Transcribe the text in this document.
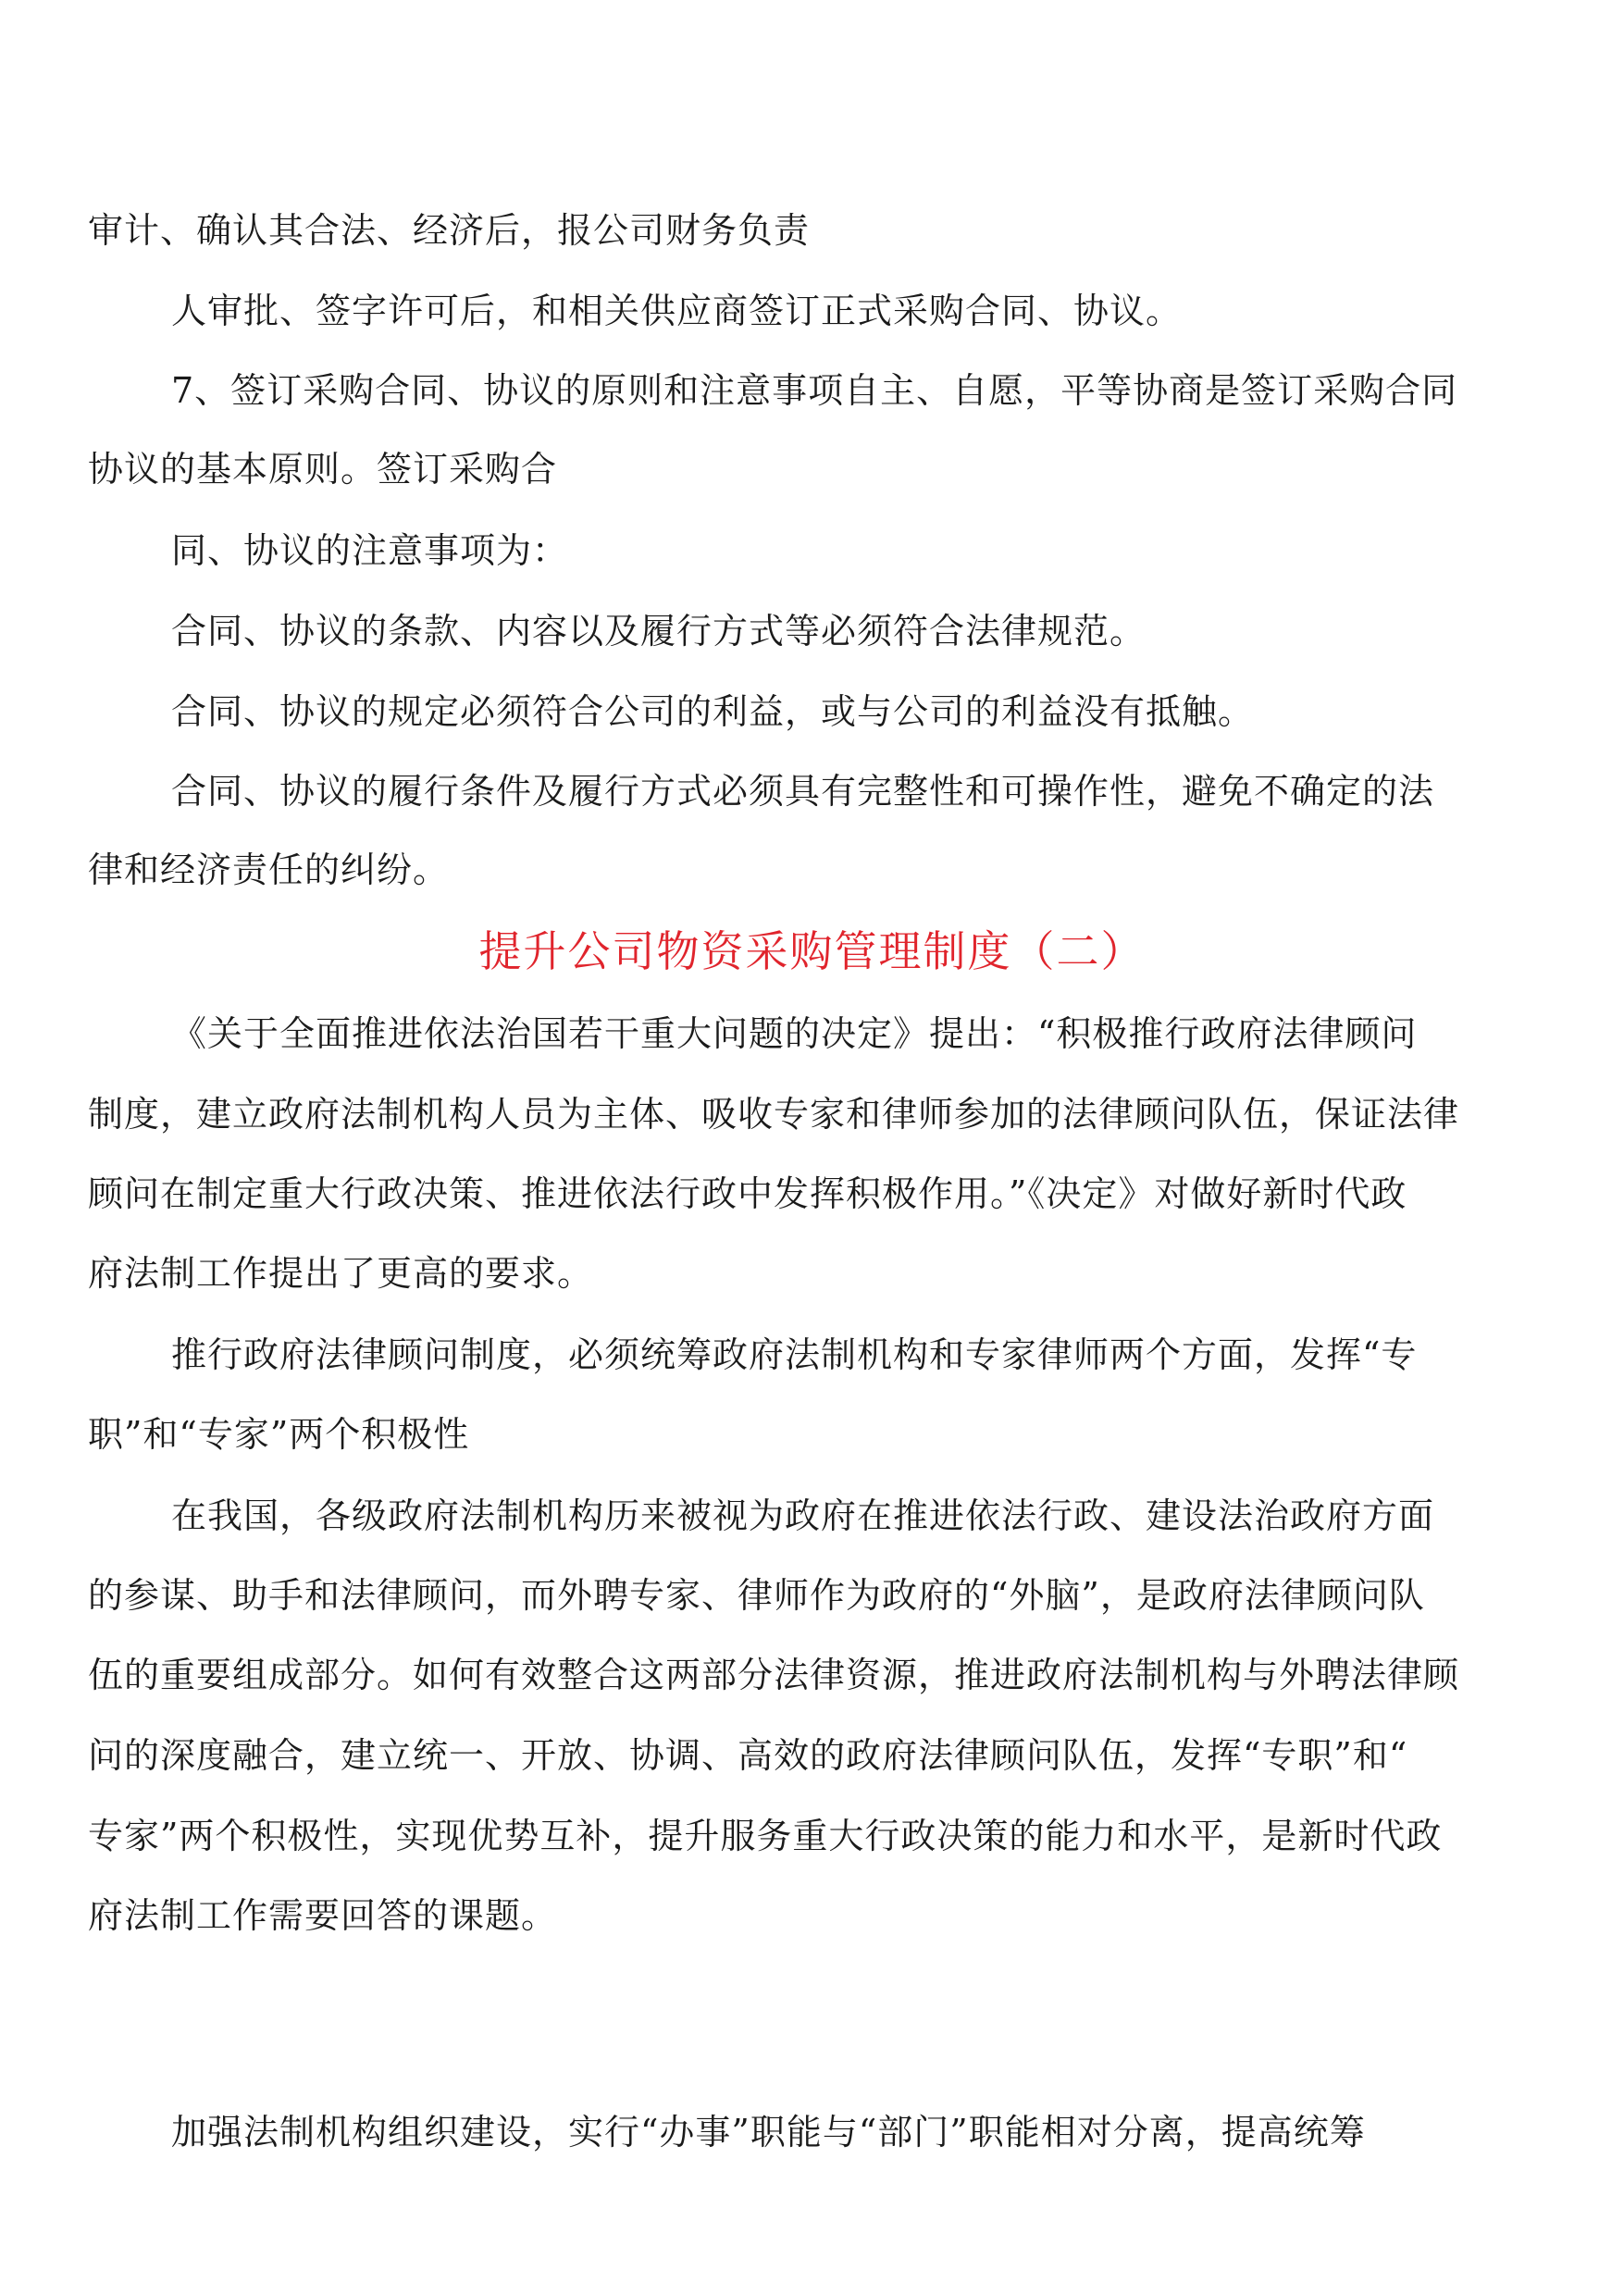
审计、确认其合法、经济后，报公司财务负责
人审批、签字许可后，和相关供应商签订正式采购合同、协议。
7、签订采购合同、协议的原则和注意事项自主、自愿，平等协商是签订采购合同
协议的基本原则。签订采购合
同、协议的注意事项为：
合同、协议的条款、内容以及履行方式等必须符合法律规范。
合同、协议的规定必须符合公司的利益，或与公司的利益没有抵触。
合同、协议的履行条件及履行方式必须具有完整性和可操作性，避免不确定的法
律和经济责任的纠纷。
提升公司物资采购管理制度（二）
《关于全面推进依法治国若干重大问题的决定》提出：“积极推行政府法律顾问
制度，建立政府法制机构人员为主体、吸收专家和律师参加的法律顾问队伍，保证法律
顾问在制定重大行政决策、推进依法行政中发挥积极作用。”《决定》对做好新时代政
府法制工作提出了更高的要求。
推行政府法律顾问制度，必须统筹政府法制机构和专家律师两个方面，发挥“专
职”和“专家”两个积极性
在我国，各级政府法制机构历来被视为政府在推进依法行政、建设法治政府方面
的参谋、助手和法律顾问，而外聘专家、律师作为政府的“外脑”，是政府法律顾问队
伍的重要组成部分。如何有效整合这两部分法律资源，推进政府法制机构与外聘法律顾
问的深度融合，建立统一、开放、协调、高效的政府法律顾问队伍，发挥“专职”和“
专家”两个积极性，实现优势互补，提升服务重大行政决策的能力和水平，是新时代政
府法制工作需要回答的课题。
加强法制机构组织建设，实行“办事”职能与“部门”职能相对分离，提高统筹
